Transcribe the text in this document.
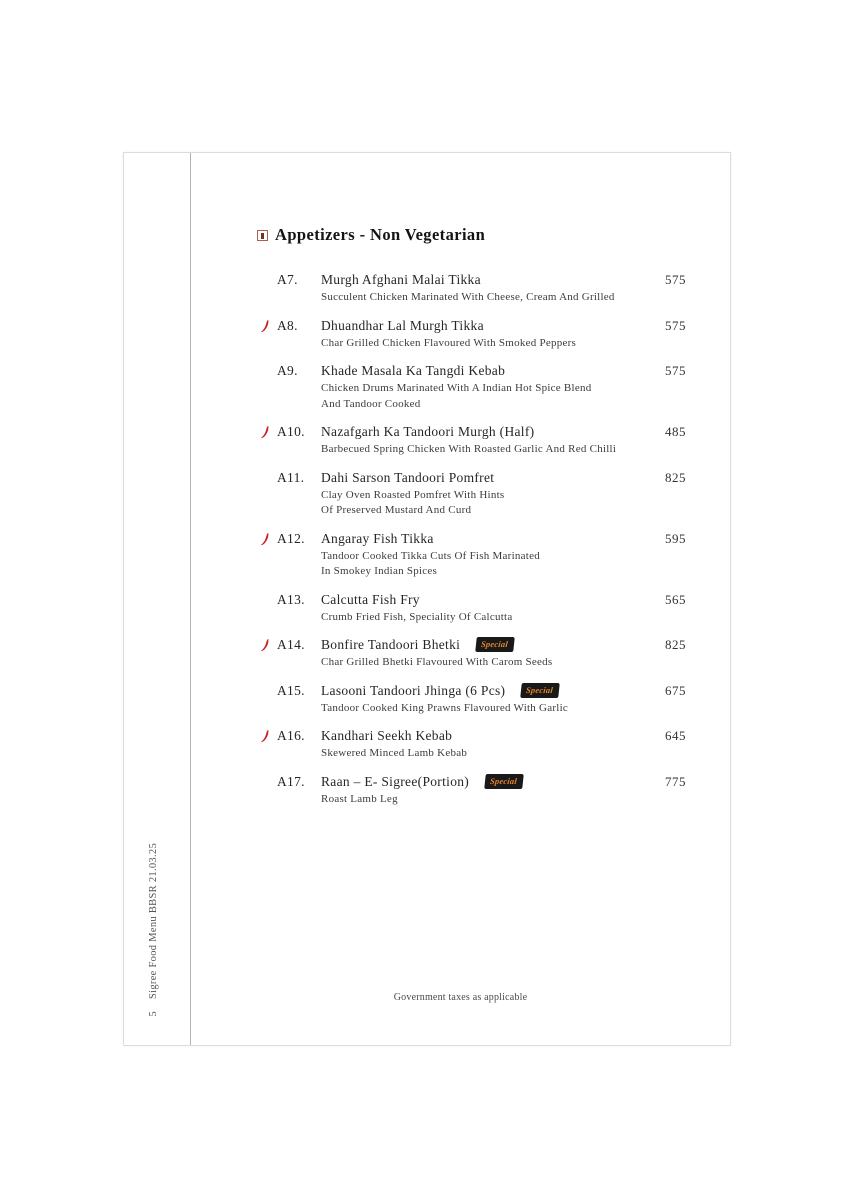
5Sigree Food Menu BBSR 21.03.25
Appetizers - Non Vegetarian
A7.	Murgh Afghani Malai Tikka	575
Succulent Chicken Marinated With Cheese, Cream And Grilled
A8.	Dhuandhar Lal Murgh Tikka	575
Char Grilled Chicken Flavoured With Smoked Peppers
A9.	Khade Masala Ka Tangdi Kebab	575
Chicken Drums Marinated With A Indian Hot Spice Blend
And Tandoor Cooked
A10.	Nazafgarh Ka Tandoori Murgh (Half)	485
Barbecued Spring Chicken With Roasted Garlic And Red Chilli
A11.	Dahi Sarson Tandoori Pomfret	825
Clay Oven Roasted Pomfret With Hints
Of Preserved Mustard And Curd
A12.	Angaray Fish Tikka	595
Tandoor Cooked Tikka Cuts Of Fish Marinated
In Smokey Indian Spices
A13.	Calcutta Fish Fry	565
Crumb Fried Fish, Speciality Of Calcutta
A14.	Bonfire Tandoori Bhetki Special	825
Char Grilled Bhetki Flavoured With Carom Seeds
A15.	Lasooni Tandoori Jhinga (6 Pcs) Special	675
Tandoor Cooked King Prawns Flavoured With Garlic
A16.	Kandhari Seekh Kebab	645
Skewered Minced Lamb Kebab
A17.	Raan – E- Sigree(Portion) Special	775
Roast Lamb Leg
Government taxes as applicable
